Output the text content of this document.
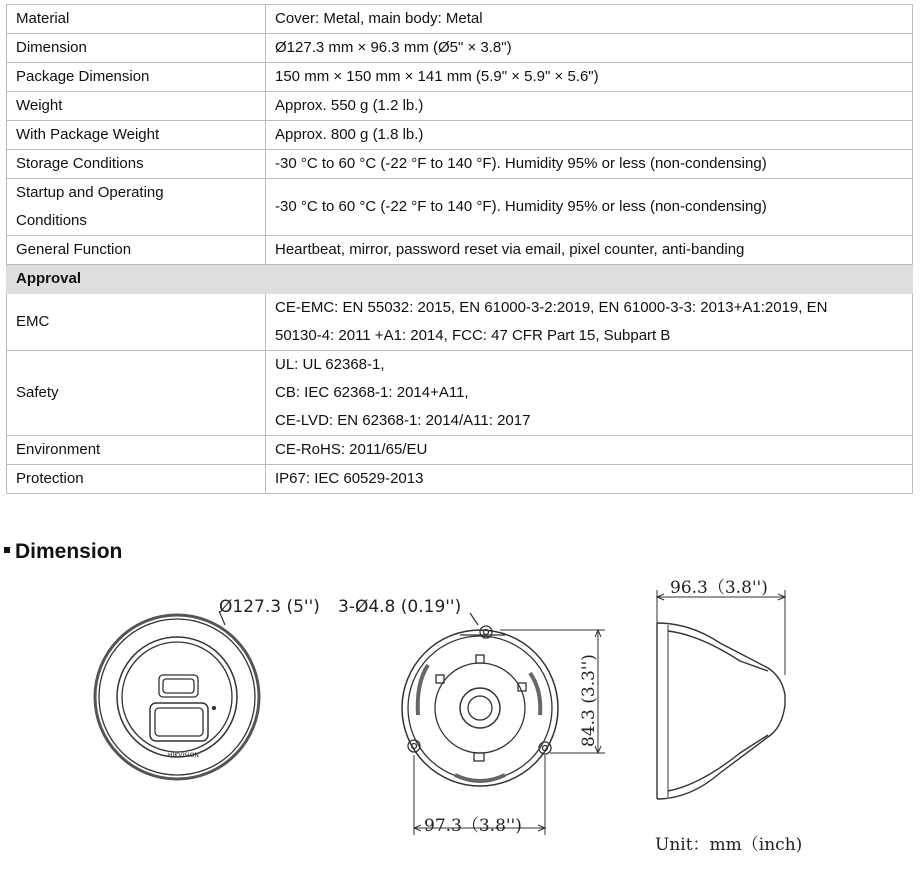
Material	Cover: Metal, main body: Metal

Dimension	Ø127.3 mm × 96.3 mm (Ø5" × 3.8")

Package Dimension	150 mm × 150 mm × 141 mm (5.9" × 5.9" × 5.6")

Weight	Approx. 550 g (1.2 lb.)

With Package Weight	Approx. 800 g (1.8 lb.)

Storage Conditions	-30 °C to 60 °C (-22 °F to 140 °F). Humidity 95% or less (non-condensing)

Startup and Operating
Conditions	-30 °C to 60 °C (-22 °F to 140 °F). Humidity 95% or less (non-condensing)

General Function	Heartbeat, mirror, password reset via email, pixel counter, anti-banding

Approval	
EMC	CE-EMC: EN 55032: 2015, EN 61000-3-2:2019, EN 61000-3-3: 2013+A1:2019, EN
50130-4: 2011 +A1: 2014, FCC: 47 CFR Part 15, Subpart B

Safety	UL: UL 62368-1,
CB: IEC 62368-1: 2014+A11,
CE-LVD: EN 62368-1: 2014/A11: 2017

Environment	CE-RoHS: 2011/65/EU

Protection	IP67: IEC 60529-2013
Dimension
HIKVISION
Ø127.3 (5'') 3-Ø4.8 (0.19'')
84.3 (3.3'')
97.3（3.8'')
96.3（3.8'')
Unit：mm（inch)
